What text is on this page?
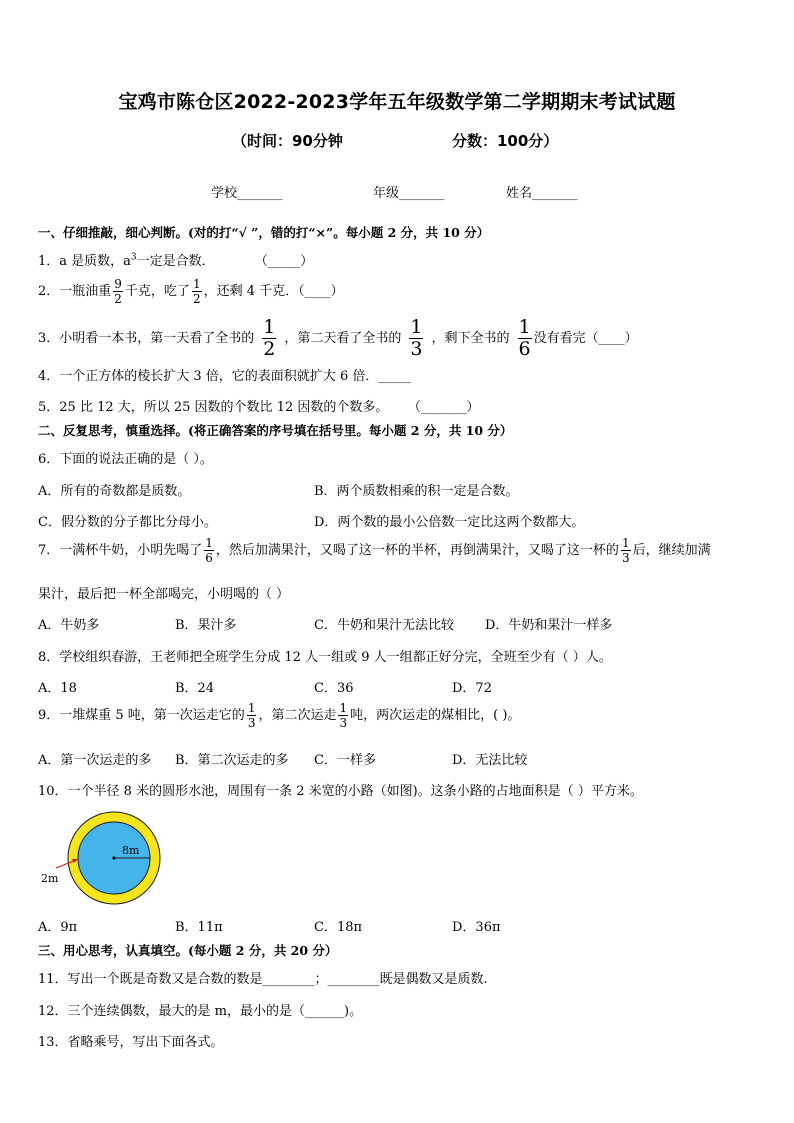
宝鸡市陈仓区2022-2023学年五年级数学第二学期期末考试试题
（时间：90分钟	分数：100分）
学校_______	年级_______	姓名_______
一、仔细推敲，细心判断。(对的打“√ ”，错的打“×”。每小题 2 分，共 10 分）
1．a 是质数，$a^3$一定是合数．	（_____）
2．一瓶油重 $\frac{9}{2}$ 千克，吃了 $\frac{1}{2}$ ，还剩 4 千克．（____）
3．小明看一本书，第一天看了全书的 $\frac{1}{2}$ ，第二天看了全书的 $\frac{1}{3}$ ，剩下全书的 $\frac{1}{6}$ 没有看完（____）
4．一个正方体的棱长扩大 3 倍，它的表面积就扩大 6 倍．_____
5．25 比 12 大，所以 25 因数的个数比 12 因数的个数多。 （_______）
二、反复思考，慎重选择。(将正确答案的序号填在括号里。每小题 2 分，共 10 分）
6．下面的说法正确的是（ ）。
A．所有的奇数都是质数。	B．两个质数相乘的积一定是合数。
C．假分数的分子都比分母小。	D．两个数的最小公倍数一定比这两个数都大。
7．一满杯牛奶，小明先喝了 $\frac{1}{6}$ ，然后加满果汁，又喝了这一杯的半杯，再倒满果汁，又喝了这一杯的 $\frac{1}{3}$ 后，继续加满
果汁，最后把一杯全部喝完，小明喝的（ ）
A．牛奶多	B．果汁多	C．牛奶和果汁无法比较 D．牛奶和果汁一样多
8．学校组织春游，王老师把全班学生分成 12 人一组或 9 人一组都正好分完，全班至少有（ ）人。
A．18	B．24	C．36	D．72
9．一堆煤重 5 吨，第一次运走它的 $\frac{1}{3}$ ，第二次运走 $\frac{1}{3}$ 吨，两次运走的煤相比，( )。
A．第一次运走的多 B．第二次运走的多 C．一样多	D．无法比较
10．一个半径 8 米的圆形水池，周围有一条 2 米宽的小路（如图)。这条小路的占地面积是（ ）平方米。
8m
2m
A．9π	B．11π	C．18π	D．36π
三、用心思考，认真填空。(每小题 2 分，共 20 分）
11．写出一个既是奇数又是合数的数是________；________既是偶数又是质数.
12．三个连续偶数，最大的是 m，最小的是（______)。
13．省略乘号，写出下面各式。
